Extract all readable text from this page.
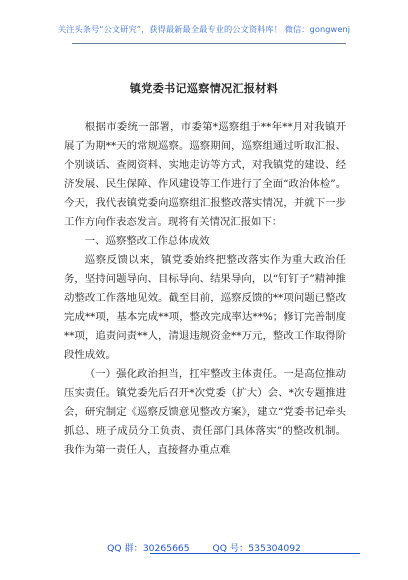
关注头条号“公文研究”，获得最新最全最专业的公文资料库！ 微信：gongwenj
镇党委书记巡察情况汇报材料

根据市委统一部署，市委第*巡察组于**年**月对我镇开展了为期**天的常规巡察。巡察期间，巡察组通过听取汇报、个别谈话、查阅资料、实地走访等方式，对我镇党的建设、经济发展、民生保障、作风建设等工作进行了全面“政治体检”。今天，我代表镇党委向巡察组汇报整改落实情况，并就下一步工作方向作表态发言。现将有关情况汇报如下：

一、巡察整改工作总体成效

巡察反馈以来，镇党委始终把整改落实作为重大政治任务，坚持问题导向、目标导向、结果导向，以“钉钉子”精神推动整改工作落地见效。截至目前，巡察反馈的**项问题已整改完成**项，基本完成**项，整改完成率达**%；修订完善制度**项，追责问责**人，清退违规资金**万元，整改工作取得阶段性成效。

（一）强化政治担当，扛牢整改主体责任。一是高位推动压实责任。镇党委先后召开*次党委（扩大）会、*次专题推进会，研究制定《巡察反馈意见整改方案》，建立“党委书记牵头抓总、班子成员分工负责、责任部门具体落实”的整改机制。我作为第一责任人，直接督办重点难

QQ 群：30265665 QQ 号：535304092
